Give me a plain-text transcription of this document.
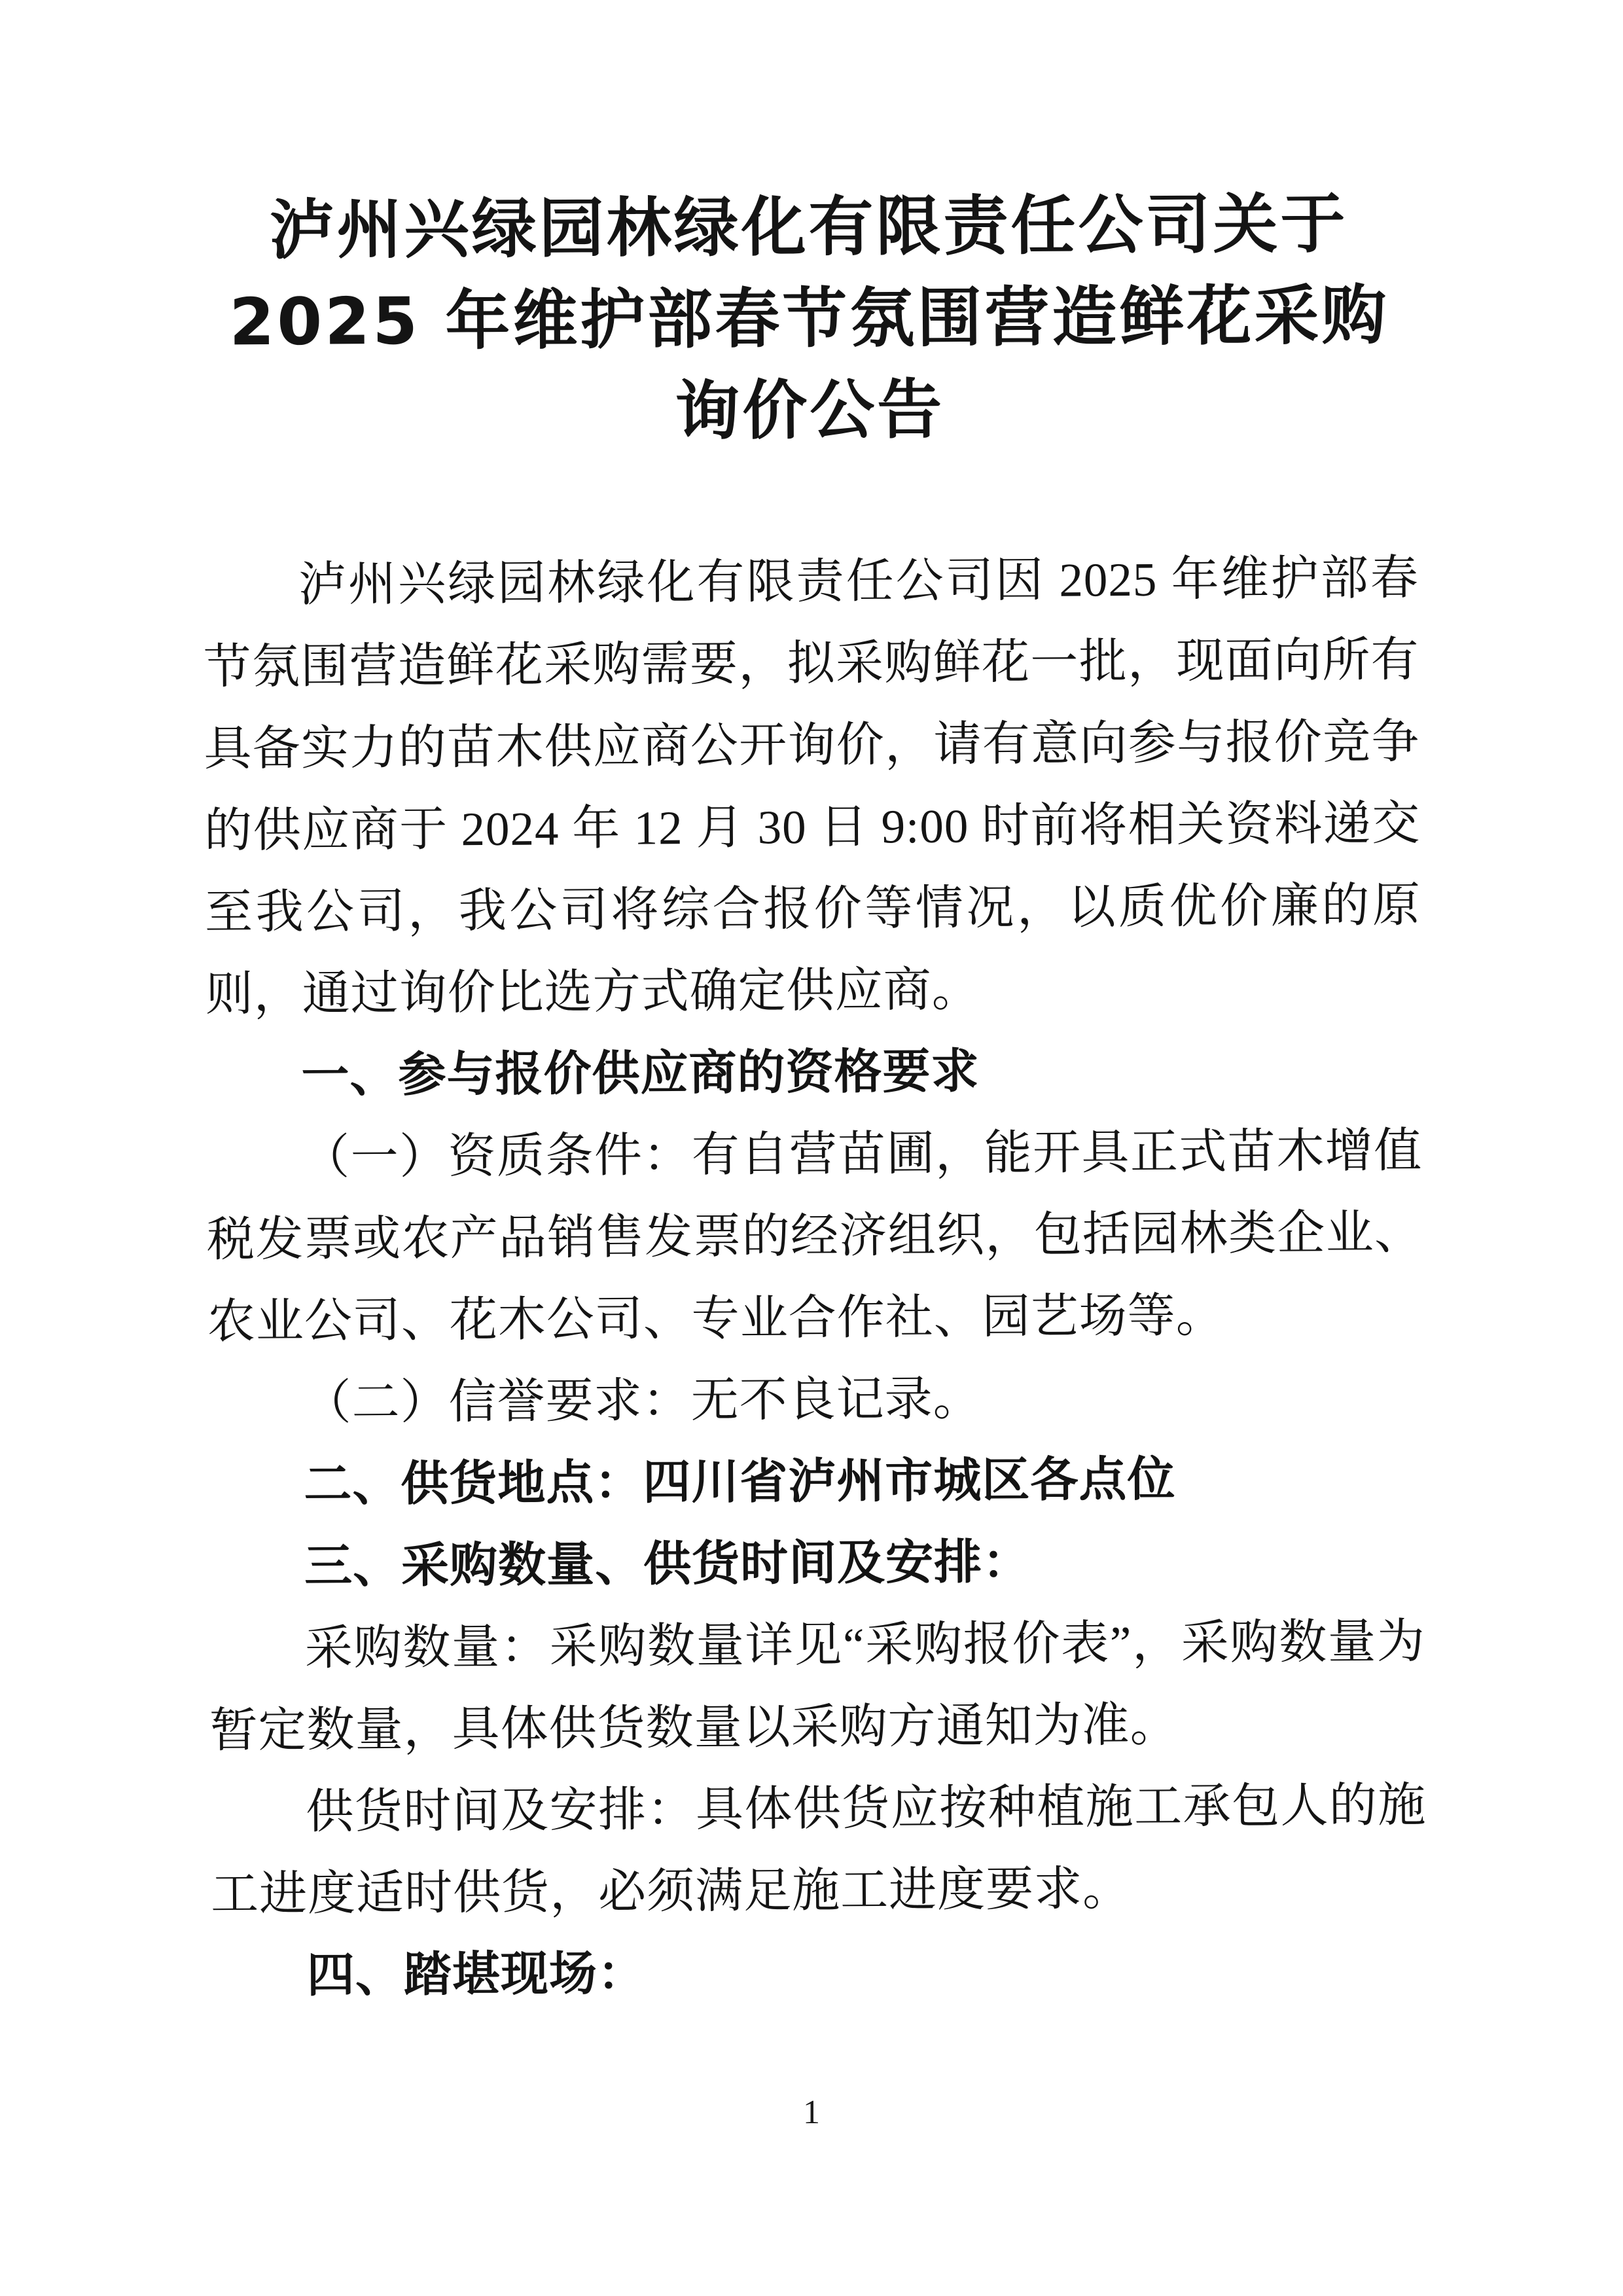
泸州兴绿园林绿化有限责任公司关于
2025 年维护部春节氛围营造鲜花采购
询价公告

泸州兴绿园林绿化有限责任公司因 2025 年维护部春节氛围营造鲜花采购需要，拟采购鲜花一批，现面向所有具备实力的苗木供应商公开询价，请有意向参与报价竞争的供应商于 2024 年 12 月 30 日 9:00 时前将相关资料递交至我公司，我公司将综合报价等情况，以质优价廉的原则，通过询价比选方式确定供应商。

一、参与报价供应商的资格要求

（一）资质条件：有自营苗圃，能开具正式苗木增值税发票或农产品销售发票的经济组织，包括园林类企业、农业公司、花木公司、专业合作社、园艺场等。

（二）信誉要求：无不良记录。

二、供货地点：四川省泸州市城区各点位

三、采购数量、供货时间及安排：

采购数量：采购数量详见“采购报价表”，采购数量为暂定数量，具体供货数量以采购方通知为准。

供货时间及安排：具体供货应按种植施工承包人的施工进度适时供货，必须满足施工进度要求。

四、踏堪现场：

1
